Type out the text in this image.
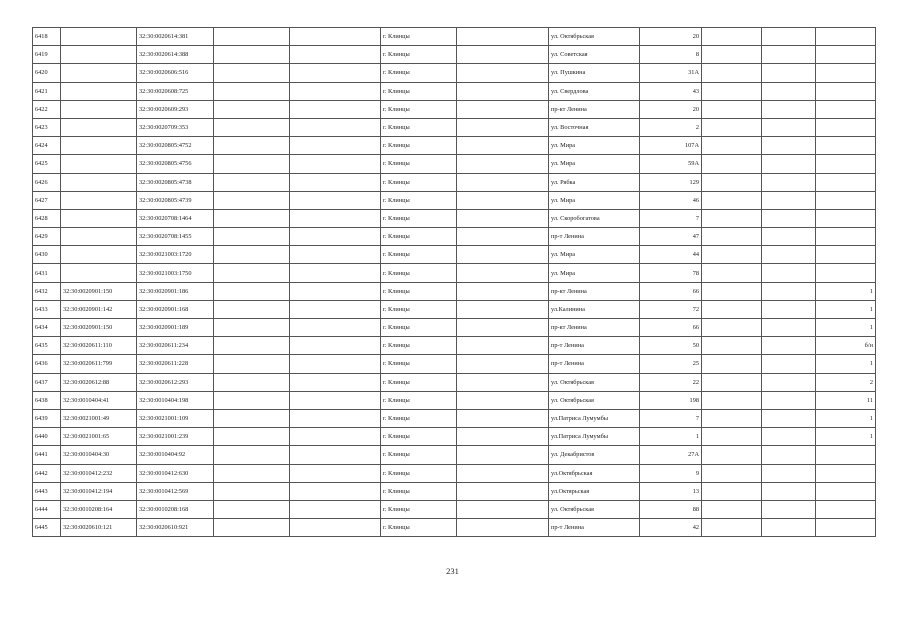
6418		32:30:0020614:381			г. Клинцы		ул. Октябрьская	20			
6419		32:30:0020614:388			г. Клинцы		ул. Советская	8			
6420		32:30:0020606:516			г. Клинцы		ул. Пушкина	31А			
6421		32:30:0020608:725			г. Клинцы		ул. Свердлова	43			
6422		32:30:0020609:293			г. Клинцы		пр-кт Ленина	20			
6423		32:30:0020709:353			г. Клинцы		ул. Восточная	2			
6424		32:30:0020805:4752			г. Клинцы		ул. Мира	107А			
6425		32:30:0020805:4756			г. Клинцы		ул. Мира	59А			
6426		32:30:0020805:4738			г. Клинцы		ул. Рябка	129			
6427		32:30:0020805:4739			г. Клинцы		ул. Мира	46			
6428		32:30:0020708:1464			г. Клинцы		ул. Скоробогатова	7			
6429		32:30:0020708:1455			г. Клинцы		пр-т Ленина	47			
6430		32:30:0021003:1720			г. Клинцы		ул. Мира	44			
6431		32:30:0021003:1750			г. Клинцы		ул. Мира	78			
6432	32:30:0020901:150	32:30:0020901:186			г. Клинцы		пр-кт Ленина	66			1
6433	32:30:0020901:142	32:30:0020901:168			г. Клинцы		ул.Калинина	72			1
6434	32:30:0020901:150	32:30:0020901:189			г. Клинцы		пр-кт Ленина	66			1
6435	32:30:0020611:110	32:30:0020611:234			г. Клинцы		пр-т Ленина	50			б/н
6436	32:30:0020611:799	32:30:0020611:228			г. Клинцы		пр-т Ленина	25			1
6437	32:30:0020612:88	32:30:0020612:293			г. Клинцы		ул. Октябрьская	22			2
6438	32:30:0010404:41	32:30:0010404:198			г. Клинцы		ул. Октябрьская	198			11
6439	32:30:0021001:49	32:30:0021001:109			г. Клинцы		ул.Патриса Лумумбы	7			1
6440	32:30:0021001:65	32:30:0021001:239			г. Клинцы		ул.Патриса Лумумбы	1			1
6441	32:30:0010404:30	32:30:0010404:92			г. Клинцы		ул. Декабристов	27А			
6442	32:30:0010412:232	32:30:0010412:630			г. Клинцы		ул.Октябрьская	9			
6443	32:30:0010412:194	32:30:0010412:569			г. Клинцы		ул.Октярьская	13			
6444	32:30:0010208:164	32:30:0010208:168			г. Клинцы		ул. Октябрьская	88			
6445	32:30:0020610:121	32:30:0020610:921			г. Клинцы		пр-т Ленина	42			
231
